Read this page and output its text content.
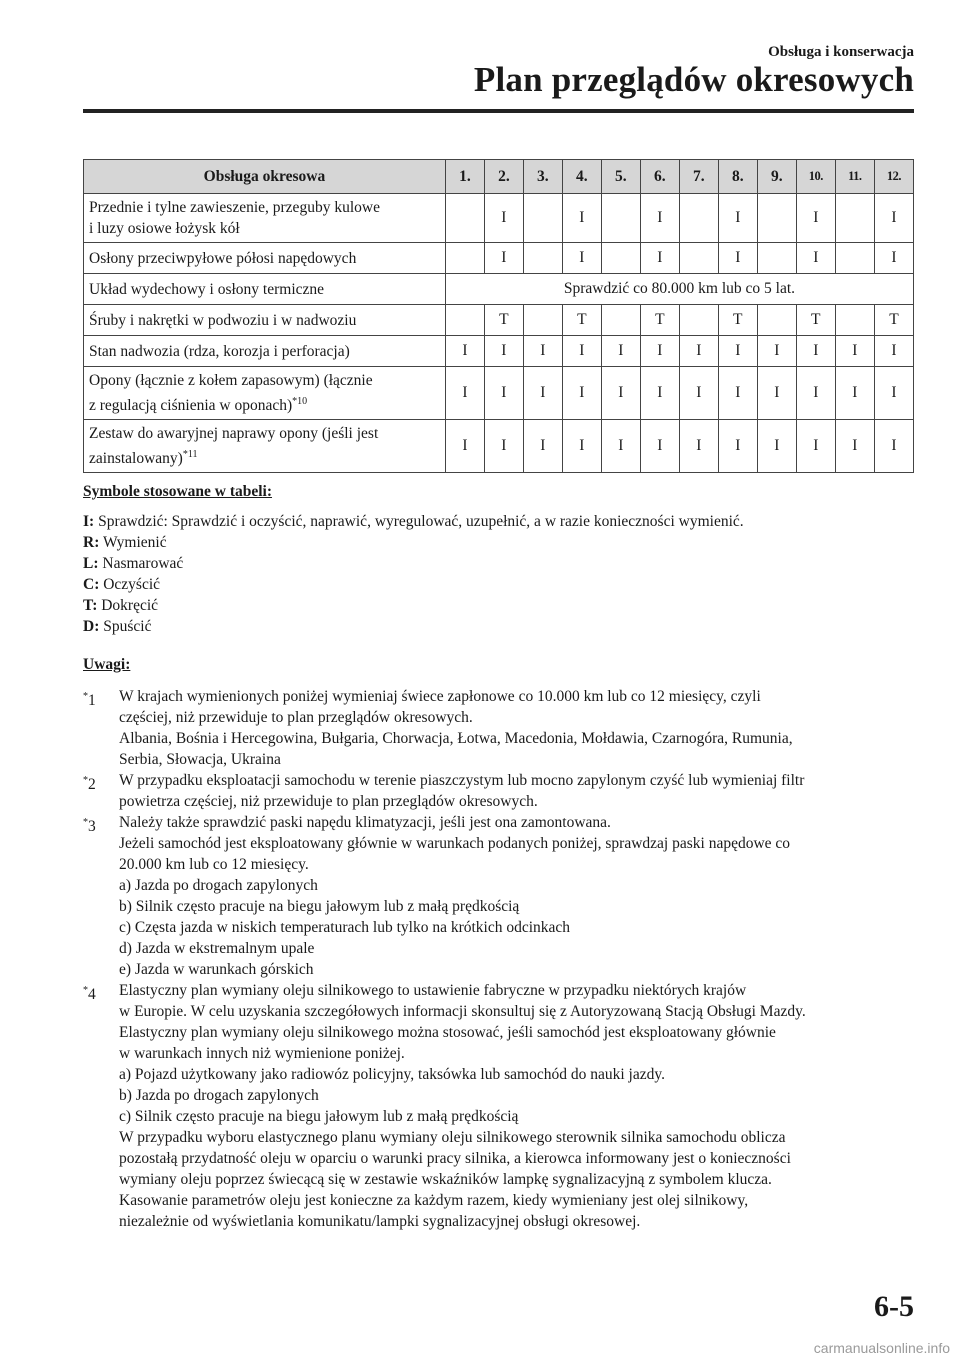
Obsługa i konserwacja
Plan przeglądów okresowych
Obsługa okresowa	1.	2.	3.	4.	5.	6.	7.	8.	9.	10.	11.	12.
Przednie i tylne zawieszenie, przeguby kulowe
i luzy osiowe łożysk kół		I		I		I		I		I		I
Osłony przeciwpyłowe półosi napędowych		I		I		I		I		I		I
Układ wydechowy i osłony termiczne	Sprawdzić co 80.000 km lub co 5 lat.											
Śruby i nakrętki w podwoziu i w nadwoziu		T		T		T		T		T		T
Stan nadwozia (rdza, korozja i perforacja)	I	I	I	I	I	I	I	I	I	I	I	I
Opony (łącznie z kołem zapasowym) (łącznie
z regulacją ciśnienia w oponach)$^{*10}$	I	I	I	I	I	I	I	I	I	I	I	I
Zestaw do awaryjnej naprawy opony (jeśli jest
zainstalowany)$^{*11}$	I	I	I	I	I	I	I	I	I	I	I	I
Symbole stosowane w tabeli:

I: Sprawdzić: Sprawdzić i oczyścić, naprawić, wyregulować, uzupełnić, a w razie konieczności wymienić.

R: Wymienić

L: Nasmarować

C: Oczyścić

T: Dokręcić

D: Spuścić

Uwagi:
*1 W krajach wymienionych poniżej wymieniaj świece zapłonowe co 10.000 km lub co 12 miesięcy, czyli

częściej, niż przewiduje to plan przeglądów okresowych.

Albania, Bośnia i Hercegowina, Bułgaria, Chorwacja, Łotwa, Macedonia, Mołdawia, Czarnogóra, Rumunia,

Serbia, Słowacja, Ukraina

*2 W przypadku eksploatacji samochodu w terenie piaszczystym lub mocno zapylonym czyść lub wymieniaj filtr

powietrza częściej, niż przewiduje to plan przeglądów okresowych.

*3 Należy także sprawdzić paski napędu klimatyzacji, jeśli jest ona zamontowana.

Jeżeli samochód jest eksploatowany głównie w warunkach podanych poniżej, sprawdzaj paski napędowe co

20.000 km lub co 12 miesięcy.

a) Jazda po drogach zapylonych

b) Silnik często pracuje na biegu jałowym lub z małą prędkością

c) Częsta jazda w niskich temperaturach lub tylko na krótkich odcinkach

d) Jazda w ekstremalnym upale

e) Jazda w warunkach górskich

*4 Elastyczny plan wymiany oleju silnikowego to ustawienie fabryczne w przypadku niektórych krajów

w Europie. W celu uzyskania szczegółowych informacji skonsultuj się z Autoryzowaną Stacją Obsługi Mazdy.

Elastyczny plan wymiany oleju silnikowego można stosować, jeśli samochód jest eksploatowany głównie

w warunkach innych niż wymienione poniżej.

a) Pojazd użytkowany jako radiowóz policyjny, taksówka lub samochód do nauki jazdy.

b) Jazda po drogach zapylonych

c) Silnik często pracuje na biegu jałowym lub z małą prędkością

W przypadku wyboru elastycznego planu wymiany oleju silnikowego sterownik silnika samochodu oblicza

pozostałą przydatność oleju w oparciu o warunki pracy silnika, a kierowca informowany jest o konieczności

wymiany oleju poprzez świecącą się w zestawie wskaźników lampkę sygnalizacyjną z symbolem klucza.

Kasowanie parametrów oleju jest konieczne za każdym razem, kiedy wymieniany jest olej silnikowy,

niezależnie od wyświetlania komunikatu/lampki sygnalizacyjnej obsługi okresowej.

6-5
carmanualsonline.info
